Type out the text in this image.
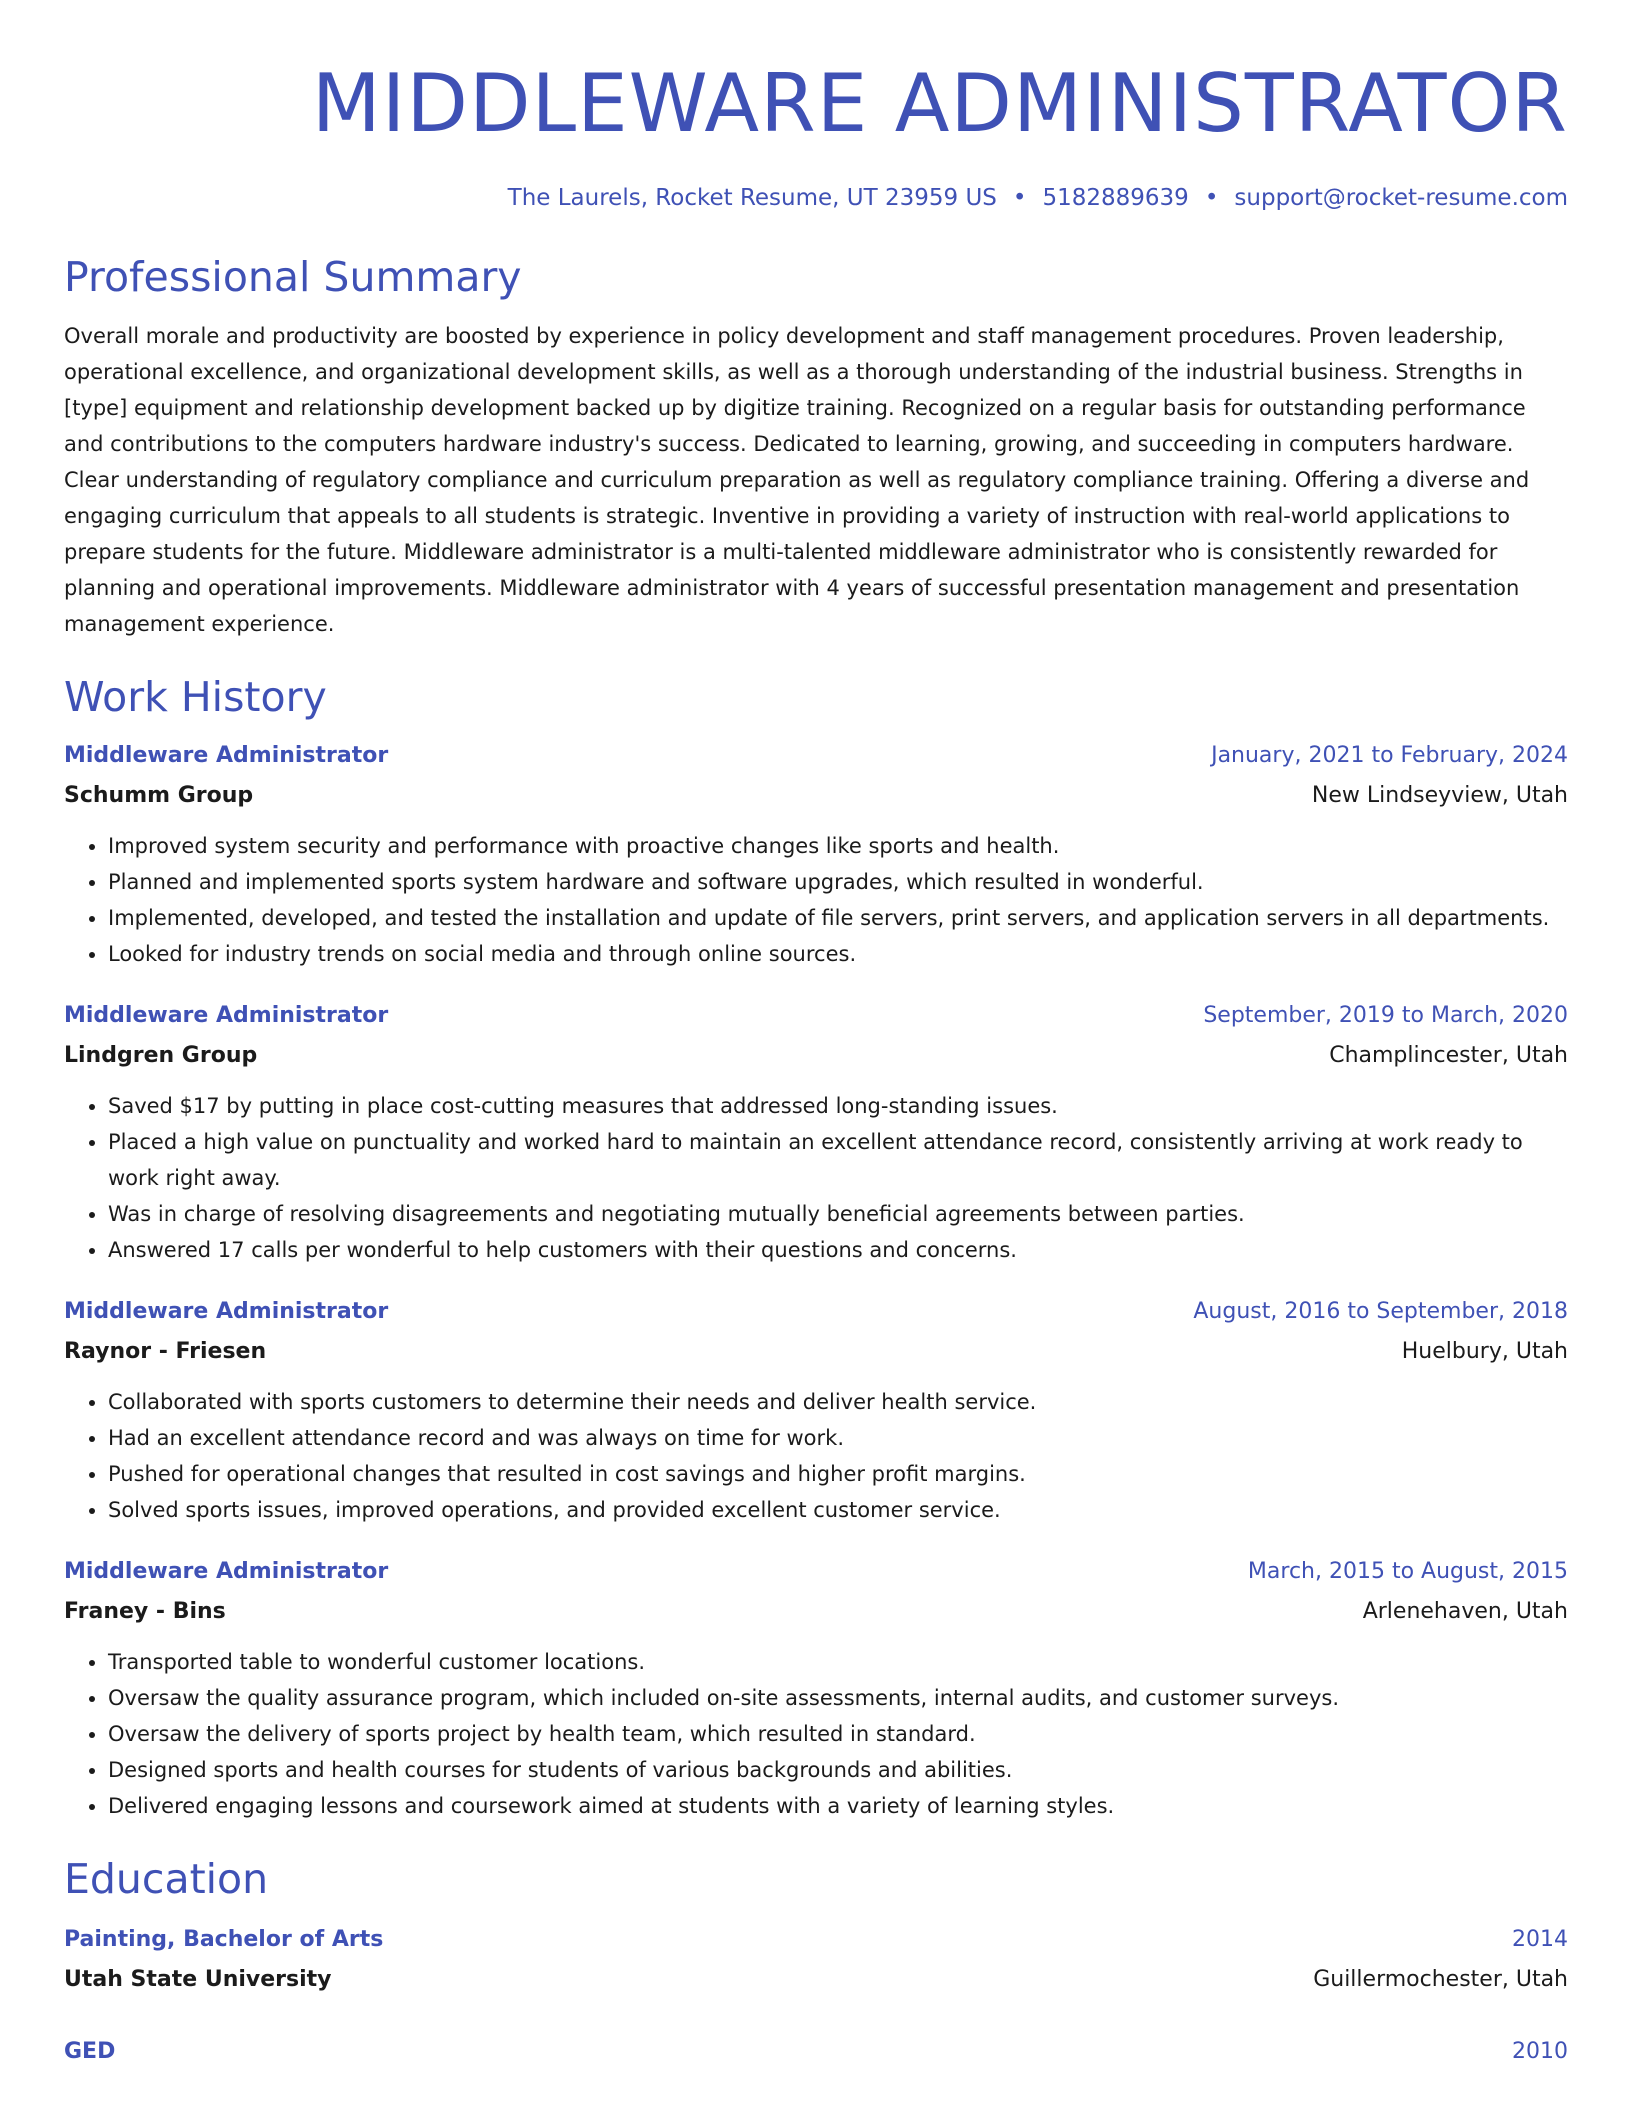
MIDDLEWARE ADMINISTRATOR
The Laurels, Rocket Resume, UT 23959 US • 5182889639 • support@rocket-resume.com
Professional Summary

Overall morale and productivity are boosted by experience in policy development and staff management procedures. Proven leadership, operational excellence, and organizational development skills, as well as a thorough understanding of the industrial business. Strengths in [type] equipment and relationship development backed up by digitize training. Recognized on a regular basis for outstanding performance and contributions to the computers hardware industry's success. Dedicated to learning, growing, and succeeding in computers hardware. Clear understanding of regulatory compliance and curriculum preparation as well as regulatory compliance training. Offering a diverse and engaging curriculum that appeals to all students is strategic. Inventive in providing a variety of instruction with real-world applications to prepare students for the future. Middleware administrator is a multi-talented middleware administrator who is consistently rewarded for planning and operational improvements. Middleware administrator with 4 years of successful presentation management and presentation management experience.

Work History
Middleware Administrator	January, 2021 to February, 2024
Schumm Group	New Lindseyview, Utah
• Improved system security and performance with proactive changes like sports and health.
• Planned and implemented sports system hardware and software upgrades, which resulted in wonderful.
• Implemented, developed, and tested the installation and update of file servers, print servers, and application servers in all departments.
• Looked for industry trends on social media and through online sources.
Middleware Administrator	September, 2019 to March, 2020
Lindgren Group	Champlincester, Utah
• Saved $17 by putting in place cost-cutting measures that addressed long-standing issues.
• Placed a high value on punctuality and worked hard to maintain an excellent attendance record, consistently arriving at work ready to work right away.
• Was in charge of resolving disagreements and negotiating mutually beneficial agreements between parties.
• Answered 17 calls per wonderful to help customers with their questions and concerns.
Middleware Administrator	August, 2016 to September, 2018
Raynor - Friesen	Huelbury, Utah
• Collaborated with sports customers to determine their needs and deliver health service.
• Had an excellent attendance record and was always on time for work.
• Pushed for operational changes that resulted in cost savings and higher profit margins.
• Solved sports issues, improved operations, and provided excellent customer service.
Middleware Administrator	March, 2015 to August, 2015
Franey - Bins	Arlenehaven, Utah
• Transported table to wonderful customer locations.
• Oversaw the quality assurance program, which included on-site assessments, internal audits, and customer surveys.
• Oversaw the delivery of sports project by health team, which resulted in standard.
• Designed sports and health courses for students of various backgrounds and abilities.
• Delivered engaging lessons and coursework aimed at students with a variety of learning styles.
Education
Painting, Bachelor of Arts	2014
Utah State University	Guillermochester, Utah
GED	2010
